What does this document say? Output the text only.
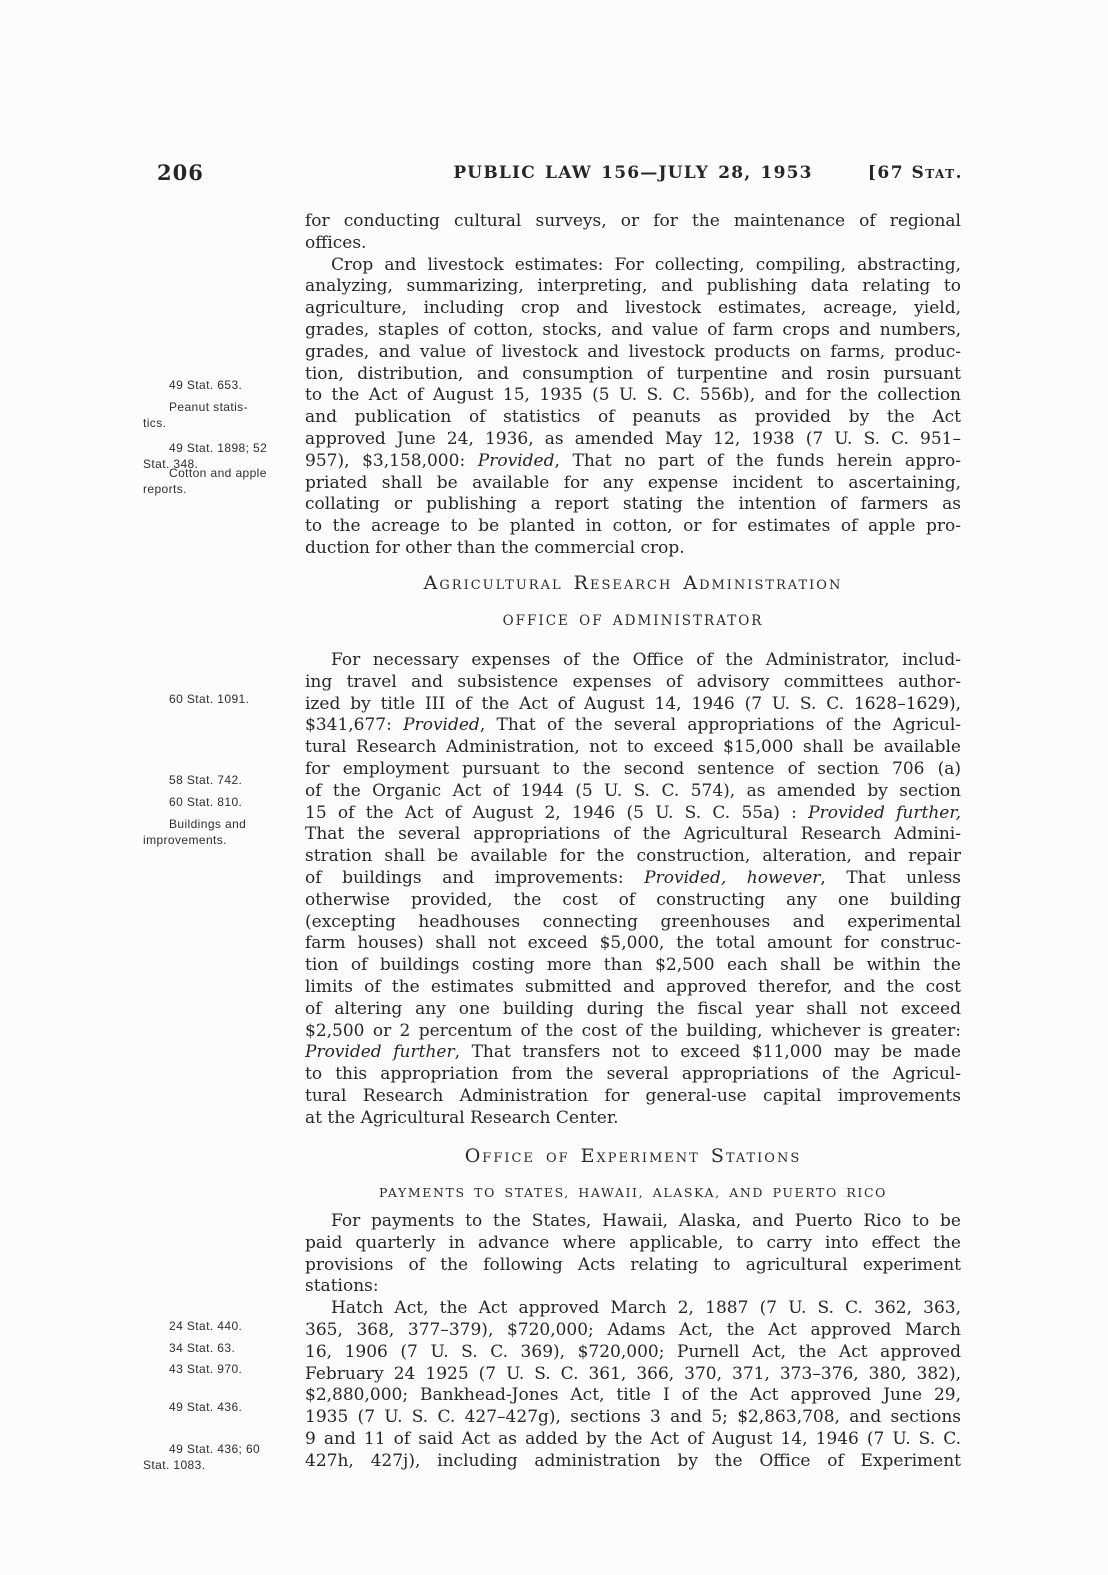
206	PUBLIC LAW 156—JULY 28, 1953	[67 Stat.
49 Stat. 653.
Peanut statis-
tics.
49 Stat. 1898; 52
Stat. 348.
Cotton and apple
reports.
60 Stat. 1091.
58 Stat. 742.
60 Stat. 810.
Buildings and
improvements.
24 Stat. 440.
34 Stat. 63.
43 Stat. 970.
49 Stat. 436.
49 Stat. 436; 60
Stat. 1083.
Agricultural Research Administration
OFFICE OF ADMINISTRATOR
Office of Experiment Stations
PAYMENTS TO STATES, HAWAII, ALASKA, AND PUERTO RICO
for conducting cultural surveys, or for the maintenance of regional
offices.
Crop and livestock estimates: For collecting, compiling, abstracting,
analyzing, summarizing, interpreting, and publishing data relating to
agriculture, including crop and livestock estimates, acreage, yield,
grades, staples of cotton, stocks, and value of farm crops and numbers,
grades, and value of livestock and livestock products on farms, produc-
tion, distribution, and consumption of turpentine and rosin pursuant
to the Act of August 15, 1935 (5 U. S. C. 556b), and for the collection
and publication of statistics of peanuts as provided by the Act
approved June 24, 1936, as amended May 12, 1938 (7 U. S. C. 951–
957), $3,158,000: Provided, That no part of the funds herein appro-
priated shall be available for any expense incident to ascertaining,
collating or publishing a report stating the intention of farmers as
to the acreage to be planted in cotton, or for estimates of apple pro-
duction for other than the commercial crop.
For necessary expenses of the Office of the Administrator, includ-
ing travel and subsistence expenses of advisory committees author-
ized by title III of the Act of August 14, 1946 (7 U. S. C. 1628–1629),
$341,677: Provided, That of the several appropriations of the Agricul-
tural Research Administration, not to exceed $15,000 shall be available
for employment pursuant to the second sentence of section 706 (a)
of the Organic Act of 1944 (5 U. S. C. 574), as amended by section
15 of the Act of August 2, 1946 (5 U. S. C. 55a) : Provided further,
That the several appropriations of the Agricultural Research Admini-
stration shall be available for the construction, alteration, and repair
of buildings and improvements: Provided, however, That unless
otherwise provided, the cost of constructing any one building
(excepting headhouses connecting greenhouses and experimental
farm houses) shall not exceed $5,000, the total amount for construc-
tion of buildings costing more than $2,500 each shall be within the
limits of the estimates submitted and approved therefor, and the cost
of altering any one building during the fiscal year shall not exceed
$2,500 or 2 percentum of the cost of the building, whichever is greater:
Provided further, That transfers not to exceed $11,000 may be made
to this appropriation from the several appropriations of the Agricul-
tural Research Administration for general-use capital improvements
at the Agricultural Research Center.
For payments to the States, Hawaii, Alaska, and Puerto Rico to be
paid quarterly in advance where applicable, to carry into effect the
provisions of the following Acts relating to agricultural experiment
stations:
Hatch Act, the Act approved March 2, 1887 (7 U. S. C. 362, 363,
365, 368, 377–379), $720,000; Adams Act, the Act approved March
16, 1906 (7 U. S. C. 369), $720,000; Purnell Act, the Act approved
February 24 1925 (7 U. S. C. 361, 366, 370, 371, 373–376, 380, 382),
$2,880,000; Bankhead-Jones Act, title I of the Act approved June 29,
1935 (7 U. S. C. 427–427g), sections 3 and 5; $2,863,708, and sections
9 and 11 of said Act as added by the Act of August 14, 1946 (7 U. S. C.
427h, 427j), including administration by the Office of Experiment
